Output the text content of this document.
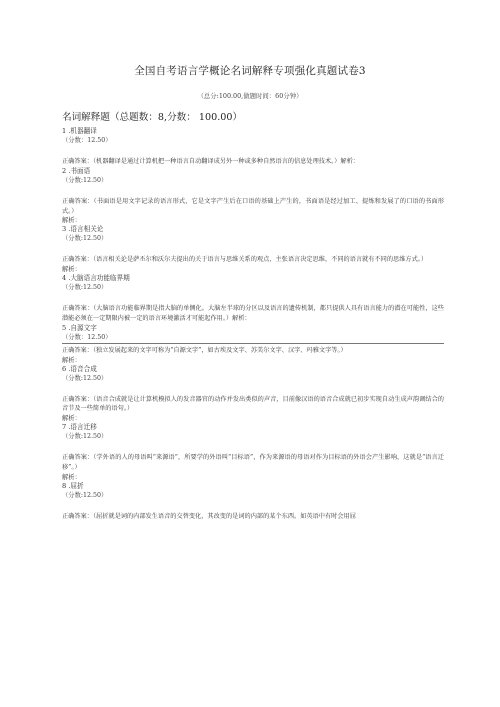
全国自考语言学概论名词解释专项强化真题试卷3
（总分:100.00,做题时间：60分钟）
名词解释题（总题数：8,分数： 100.00）
1 .机器翻译
（分数：12.50）
正确答案：（机器翻译是通过计算机把一种语言自动翻译成另外一种或多种自然语言的信息处理技术。）解析：
2 .书面语
（分数:12.50）
正确答案：（书面语是用文字记录的语言形式，它是文字产生后在口语的基础上产生的，书面语是经过加工、提炼和发展了的口语的书面形式。）
解析：
3 .语言相关论
（分数:12.50）
正确答案：（语言相关论是萨丕尔和沃尔夫提出的关于语言与思维关系的观点，主张语言决定思维，不同的语言就有不同的思维方式。）
解析：
4 .大脑语言功能临界期
（分数:12.50）
正确答案：（大脑语言功能临界期是指大脑的单侧化。大脑左半球的分区以及语言的遗传机制，都只提供人具有语言能力的潜在可能性，这些潜能必须在一定期限内被一定的语言环境激活才可能起作用。）解析：
5 .自源文字
（分数：12.50）
正确答案：（独立发展起来的文字可称为“自源文字”，如古埃及文字、苏美尔文字、汉字、玛雅文字等。）
解析：
6 .语音合成
（分数:12.50）
正确答案：（语音合成就是让计算机模拟人的发音器官的动作并发出类似的声音，目前像汉语的语音合成就已初步实现自动生成声韵调结合的音节及一些简单的语句。）
解析：
7 .语言迁移
（分数:12.50）
正确答案：（学外语的人的母语叫“来源语”，所要学的外语叫“目标语”，作为来源语的母语对作为目标语的外语会产生影响，这就是“语言迁移”。）
解析：
8 .屈折
（分数:12.50）
正确答案：（屈折就是词的内部发生语音的交替变化，其改变的是词的内部的某个东西。如英语中有时会用屈
